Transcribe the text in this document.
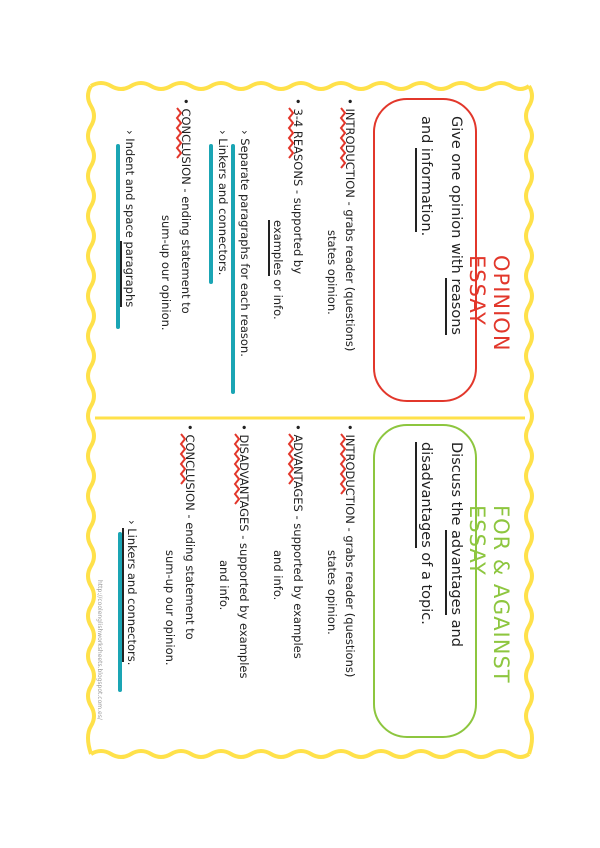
OPINION ESSAY
Give one opinion with reasons
and information.
• INTRODUCTION - grabs reader (questions)
states opinion.
• 3-4 REASONS - supported by
examples or info.
› Separate paragraphs for each reason.
› Linkers and connectors.
• CONCLUSION - ending statement to
sum-up our opinion.
› Indent and space paragraphs
FOR & AGAINST ESSAY
Discuss the advantages and
disadvantages of a topic.
• INTRODUCTION - grabs reader (questions)
states opinion.
• ADVANTAGES - supported by examples
and info.
• DISADVANTAGES - supported by examples
and info.
• CONCLUSION - ending statement to
sum-up our opinion.
› Linkers and connectors.
http://coolenglishworksheets.blogspot.com.es/
